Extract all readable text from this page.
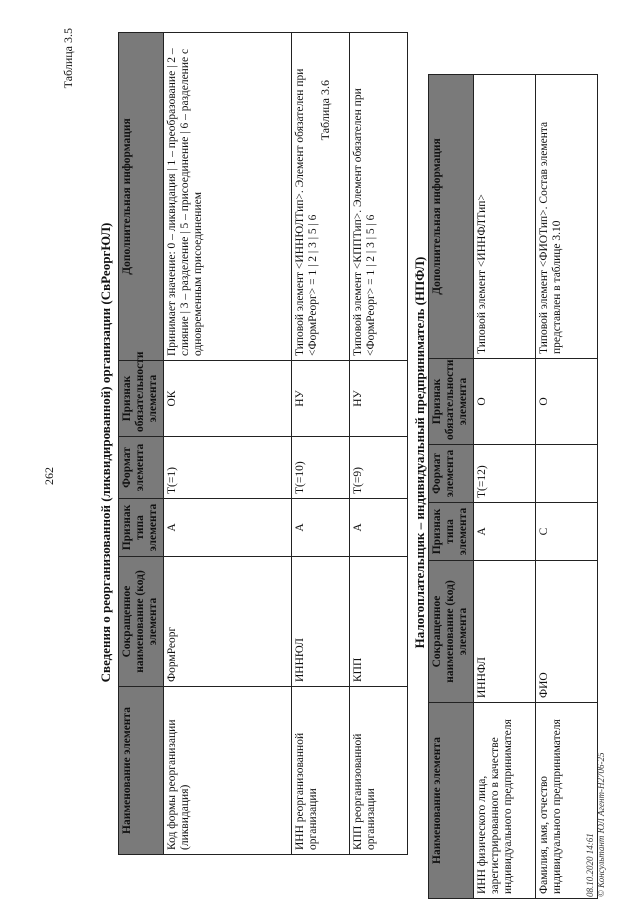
262
Таблица 3.5
Сведения о реорганизованной (ликвидированной) организации (СвРеоргЮЛ)
Наименование элемента	Сокращенное наименование (код) элемента	Признак типа элемента	Формат элемента	Признак обязательности элемента	Дополнительная информация
Код формы реорганизации (ликвидация)	ФормРеорг	А	Т(=1)	ОК	Принимает значение: 0 – ликвидация | 1 – преобразование | 2 – слияние | 3 – разделение | 5 – присоединение | 6 – разделение с одновременным присоединением
ИНН реорганизованной организации	ИННЮЛ	А	Т(=10)	НУ	Типовой элемент <ИННЮЛТип>. Элемент обязателен при <ФормРеорг> = 1 | 2 | 3 | 5 | 6
КПП реорганизованной организации	КПП	А	Т(=9)	НУ	Типовой элемент <КППТип>. Элемент обязателен при <ФормРеорг> = 1 | 2 | 3 | 5 | 6
Таблица 3.6
Налогоплательщик – индивидуальный предприниматель (НПФЛ)
Наименование элемента	Сокращенное наименование (код) элемента	Признак типа элемента	Формат элемента	Признак обязательности элемента	Дополнительная информация
ИНН физического лица, зарегистрированного в качестве индивидуального предпринимателя	ИННФЛ	А	Т(=12)	О	Типовой элемент <ИННФЛТип>
Фамилия, имя, отчество индивидуального предпринимателя	ФИО	С		О	Типовой элемент <ФИОТип>. Состав элемента представлен в таблице 3.10
08.10.2020 14:61 © Консультант ЮЛ Агент-Н2706-25
